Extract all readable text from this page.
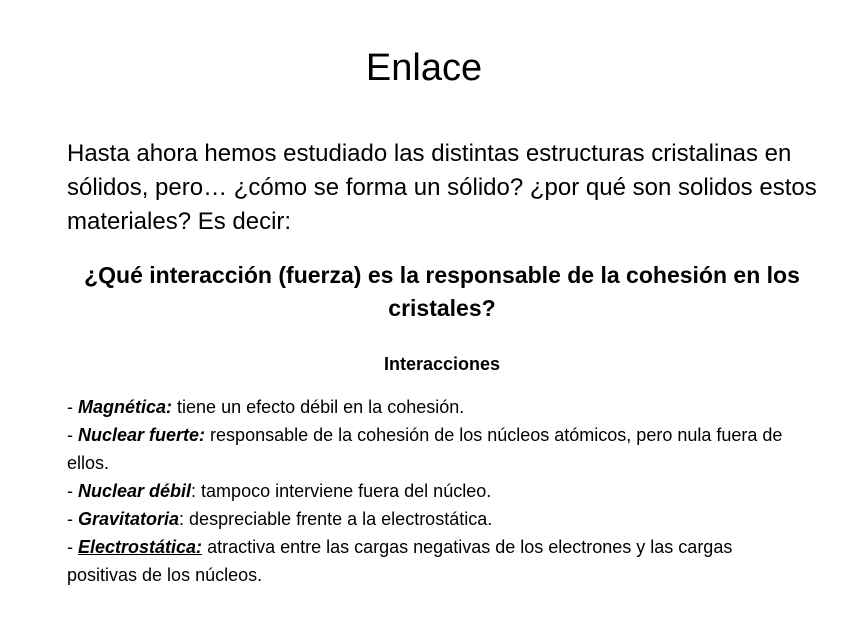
Enlace

Hasta ahora hemos estudiado las distintas estructuras cristalinas en sólidos, pero… ¿cómo se forma un sólido? ¿por qué son solidos estos materiales? Es decir:

¿Qué interacción (fuerza) es la responsable de la cohesión en los cristales?

Interacciones

- Magnética: tiene un efecto débil en la cohesión.
- Nuclear fuerte: responsable de la cohesión de los núcleos atómicos, pero nula fuera de ellos.
- Nuclear débil: tampoco interviene fuera del núcleo.
- Gravitatoria: despreciable frente a la electrostática.
- Electrostática: atractiva entre las cargas negativas de los electrones y las cargas positivas de los núcleos.
